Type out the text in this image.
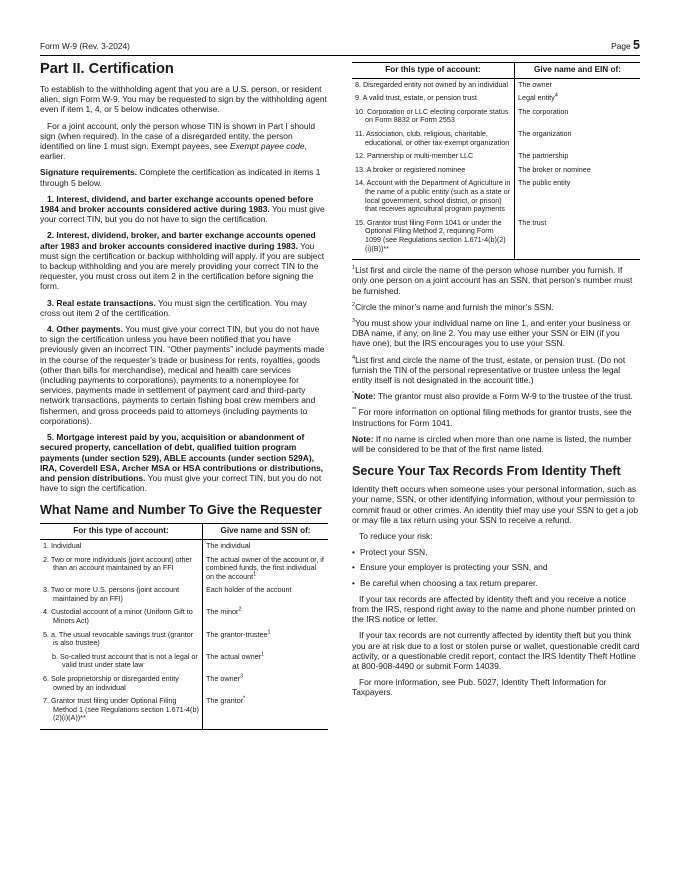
Form W-9 (Rev. 3-2024)	Page 5
Part II. Certification

To establish to the withholding agent that you are a U.S. person, or resident alien, sign Form W-9. You may be requested to sign by the withholding agent even if item 1, 4, or 5 below indicates otherwise.

For a joint account, only the person whose TIN is shown in Part I should sign (when required). In the case of a disregarded entity, the person identified on line 1 must sign. Exempt payees, see Exempt payee code, earlier.

Signature requirements. Complete the certification as indicated in items 1 through 5 below.

1. Interest, dividend, and barter exchange accounts opened before 1984 and broker accounts considered active during 1983. You must give your correct TIN, but you do not have to sign the certification.

2. Interest, dividend, broker, and barter exchange accounts opened after 1983 and broker accounts considered inactive during 1983. You must sign the certification or backup withholding will apply. If you are subject to backup withholding and you are merely providing your correct TIN to the requester, you must cross out item 2 in the certification before signing the form.

3. Real estate transactions. You must sign the certification. You may cross out item 2 of the certification.

4. Other payments. You must give your correct TIN, but you do not have to sign the certification unless you have been notified that you have previously given an incorrect TIN. “Other payments” include payments made in the course of the requester’s trade or business for rents, royalties, goods (other than bills for merchandise), medical and health care services (including payments to corporations), payments to a nonemployee for services, payments made in settlement of payment card and third-party network transactions, payments to certain fishing boat crew members and fishermen, and gross proceeds paid to attorneys (including payments to corporations).

5. Mortgage interest paid by you, acquisition or abandonment of secured property, cancellation of debt, qualified tuition program payments (under section 529), ABLE accounts (under section 529A), IRA, Coverdell ESA, Archer MSA or HSA contributions or distributions, and pension distributions. You must give your correct TIN, but you do not have to sign the certification.

What Name and Number To Give the Requester
For this type of account:	Give name and SSN of:

1. Individual	The individual

2. Two or more individuals (joint account) other than an account maintained by an FFI	The actual owner of the account or, if combined funds, the first individual on the account$^1$

3. Two or more U.S. persons (joint account maintained by an FFI)	Each holder of the account

4. Custodial account of a minor (Uniform Gift to Minors Act)	The minor$^2$

5. a. The usual revocable savings trust (grantor is also trustee)	The grantor-trustee$^1$

b. So-called trust account that is not a legal or valid trust under state law	The actual owner$^1$

6. Sole proprietorship or disregarded entity owned by an individual	The owner$^3$

7. Grantor trust filing under Optional Filing Method 1 (see Regulations section 1.671-4(b)(2)(i)(A))**	The grantor*
For this type of account:	Give name and EIN of:

8. Disregarded entity not owned by an individual	The owner

9. A valid trust, estate, or pension trust	Legal entity$^4$

10. Corporation or LLC electing corporate status on Form 8832 or Form 2553	The corporation

11. Association, club, religious, charitable, educational, or other tax-exempt organization	The organization

12. Partnership or multi-member LLC	The partnership

13. A broker or registered nominee	The broker or nominee

14. Account with the Department of Agriculture in the name of a public entity (such as a state or local government, school district, or prison) that receives agricultural program payments	The public entity

15. Grantor trust filing Form 1041 or under the Optional Filing Method 2, requiring Form 1099 (see Regulations section 1.671-4(b)(2)(i)(B))**	The trust

$^1$List first and circle the name of the person whose number you furnish. If only one person on a joint account has an SSN, that person’s number must be furnished.

$^2$Circle the minor’s name and furnish the minor’s SSN.

$^3$You must show your individual name on line 1, and enter your business or DBA name, if any, on line 2. You may use either your SSN or EIN (if you have one), but the IRS encourages you to use your SSN.

$^4$List first and circle the name of the trust, estate, or pension trust. (Do not furnish the TIN of the personal representative or trustee unless the legal entity itself is not designated in the account title.)

*Note: The grantor must also provide a Form W-9 to the trustee of the trust.

** For more information on optional filing methods for grantor trusts, see the Instructions for Form 1041.

Note: If no name is circled when more than one name is listed, the number will be considered to be that of the first name listed.

Secure Your Tax Records From Identity Theft

Identity theft occurs when someone uses your personal information, such as your name, SSN, or other identifying information, without your permission to commit fraud or other crimes. An identity thief may use your SSN to get a job or may file a tax return using your SSN to receive a refund.

To reduce your risk:

• Protect your SSN,
• Ensure your employer is protecting your SSN, and
• Be careful when choosing a tax return preparer.

If your tax records are affected by identity theft and you receive a notice from the IRS, respond right away to the name and phone number printed on the IRS notice or letter.

If your tax records are not currently affected by identity theft but you think you are at risk due to a lost or stolen purse or wallet, questionable credit card activity, or a questionable credit report, contact the IRS Identity Theft Hotline at 800-908-4490 or submit Form 14039.

For more information, see Pub. 5027, Identity Theft Information for Taxpayers.
